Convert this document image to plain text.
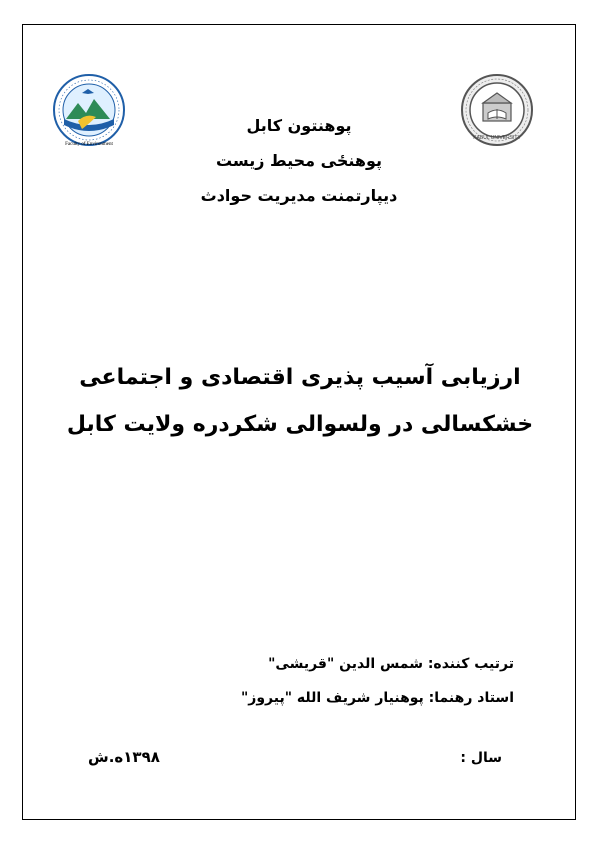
Faculty of Environment
KABUL UNIVERSITY
پوهنتون کابل
پوهنځی محیط زیست
دیپارتمنت مدیریت حوادث
ارزیابی آسیب پذیری اقتصادی و اجتماعی
خشکسالی در ولسوالی شکردره ولایت کابل
ترتیب کننده: شمس الدین "قریشی"
استاد رهنما: پوهنیار شریف الله "پیروز"
سال :
۱۳۹۸ه.ش
